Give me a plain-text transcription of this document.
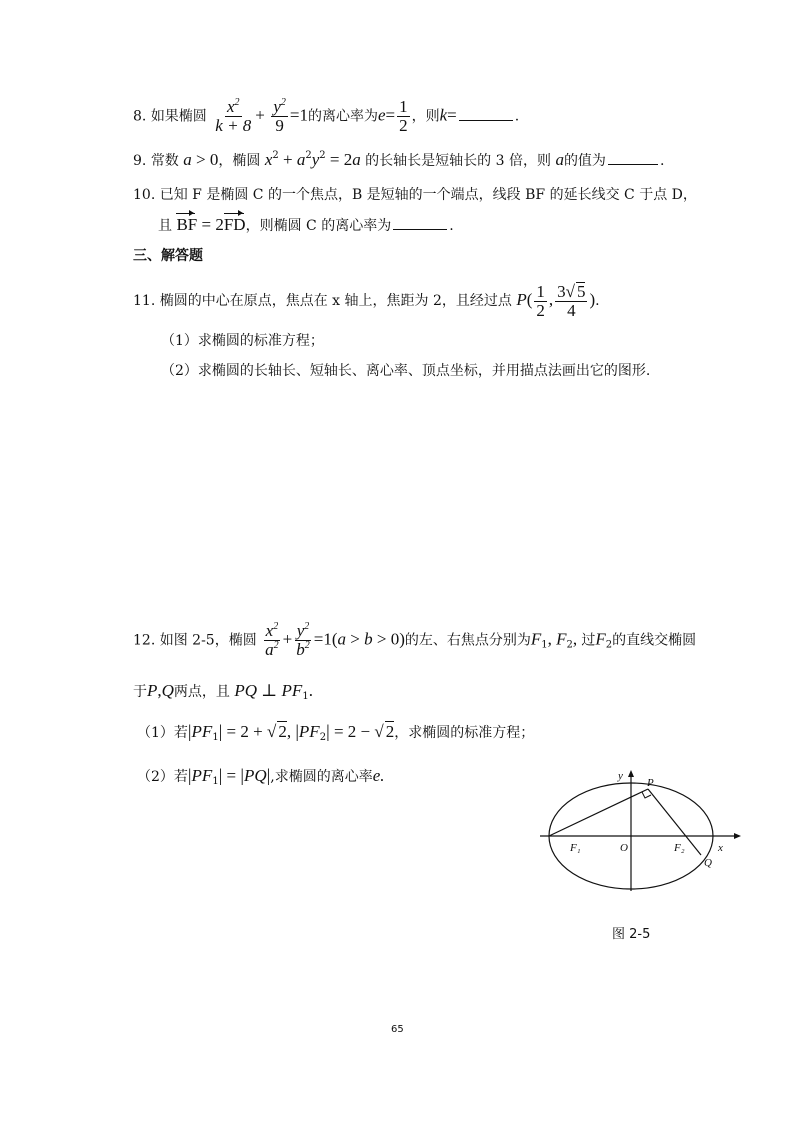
8. 如果椭圆 $\frac{x^2}{k + 8} + \frac{y^2}{9} =1$的离心率为$e= \frac{1}{2}$ ，则k=	.
9. 常数 a > 0，椭圆 $x^2 + a^2y^2 = 2a$ 的长轴长是短轴长的 3 倍，则 a的值为	.
10. 已知 F 是椭圆 C 的一个焦点，B 是短轴的一个端点，线段 BF 的延长线交 C 于点 D，
且 BF = 2FD，则椭圆 C 的离心率为	.
三、解答题
11. 椭圆的中心在原点，焦点在 x 轴上，焦距为 2，且经过点 $P( \frac{1}{2}$ , $\frac{3√ 5}{4}$ ).
（1）求椭圆的标准方程；
（2）求椭圆的长轴长、短轴长、离心率、顶点坐标，并用描点法画出它的图形.
12. 如图 2-5，椭圆 $\frac{x^2}{a^2} + \frac{y^2}{b^2} =1(a > b > 0)$的左、右焦点分别为$F_1$, $F_2$, 过$F_2$的直线交椭圆
于P,Q两点，且 PQ ⊥ $PF_1$.
（1）若$|PF_1| = 2$ + √ 2, $|PF_2| = 2$ − √ 2，求椭圆的标准方程；
（2）若$|PF_1| = |PQ|$,求椭圆的离心率e.	y
x
P
Q
O
F₁	F₂
图 2-5
65
